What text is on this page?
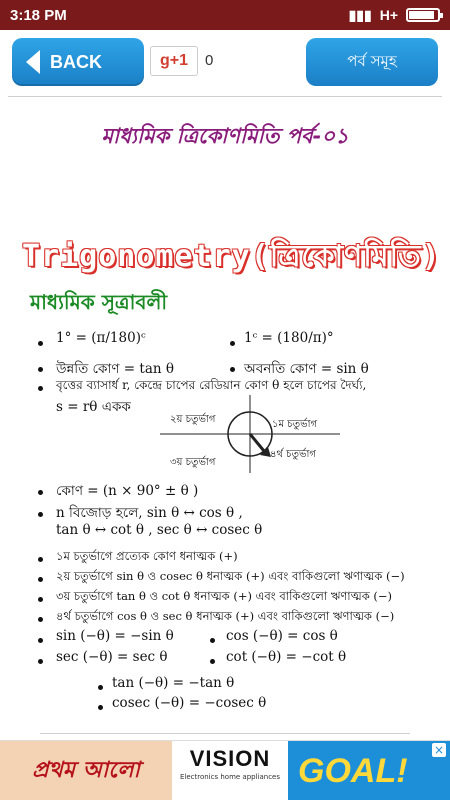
3:18 PM	▮▮▮ H+
BACK	g+1	0	পর্ব সমূহ
মাধ্যমিক ত্রিকোণমিতি পর্ব-০১
Trigonometry(ত্রিকোণমিতি)
মাধ্যমিক সূত্রাবলী
1° = (π/180)ᶜ	1ᶜ = (180/π)°
উন্নতি কোণ = tan θ	অবনতি কোণ = sin θ
বৃত্তের ব্যাসার্ধ r, কেন্দ্রে চাপের রেডিয়ান কোণ θ হলে চাপের দৈর্ঘ্য,
s = rθ একক
২য় চতুর্ভাগ	১ম চতুর্ভাগ
৩য় চতুর্ভাগ
৪র্থ চতুর্ভাগ
কোণ = (n × 90° ± θ )
n বিজোড় হলে, sin θ ↔ cos θ ,
tan θ ↔ cot θ , sec θ ↔ cosec θ
১ম চতুর্ভাগে প্রত্যেক কোণ ধনাত্মক (+)
২য় চতুর্ভাগে sin θ ও cosec θ ধনাত্মক (+) এবং বাকিগুলো ঋণাত্মক (−)
৩য় চতুর্ভাগে tan θ ও cot θ ধনাত্মক (+) এবং বাকিগুলো ঋণাত্মক (−)
৪র্থ চতুর্ভাগে cos θ ও sec θ ধনাত্মক (+) এবং বাকিগুলো ঋণাত্মক (−)
sin (−θ) = −sin θ	cos (−θ) = cos θ
sec (−θ) = sec θ	cot (−θ) = −cot θ
tan (−θ) = −tan θ
cosec (−θ) = −cosec θ
প্রথম আলো	VISION
Electronics home appliances GOAL!
×
